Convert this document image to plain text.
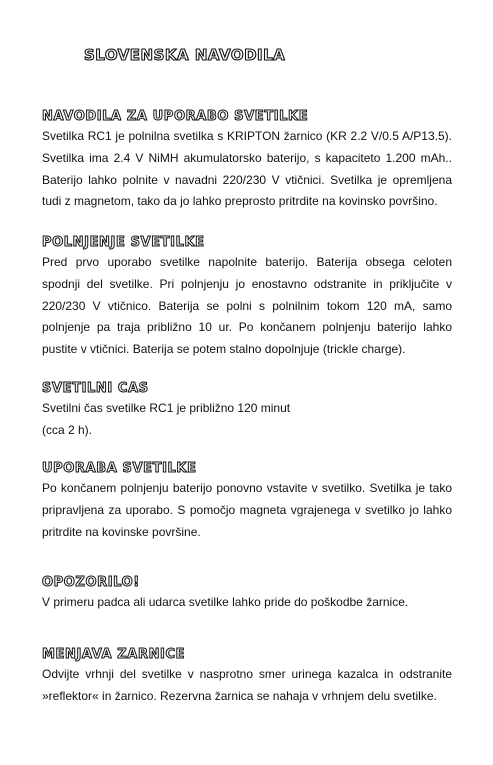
SLOVENSKA NAVODILA
NAVODILA ZA UPORABO SVETILKE

Svetilka RC1 je polnilna svetilka s KRIPTON žarnico (KR 2.2 V/0.5 A/P13.5). Svetilka ima 2.4 V NiMH akumulatorsko baterijo, s kapaciteto 1.200 mAh.. Baterijo lahko polnite v navadni 220/230 V vtičnici. Svetilka je opremljena tudi z magnetom, tako da jo lahko preprosto pritrdite na kovinsko površino.

POLNJENJE SVETILKE

Pred prvo uporabo svetilke napolnite baterijo. Baterija obsega celoten spodnji del svetilke. Pri polnjenju jo enostavno odstranite in priključite v 220/230 V vtičnico. Baterija se polni s polnilnim tokom 120 mA, samo polnjenje pa traja približno 10 ur. Po končanem polnjenju baterijo lahko pustite v vtičnici. Baterija se potem stalno dopolnjuje (trickle charge).

SVETILNI CAS
Svetilni čas svetilke RC1 je približno 120 minut
(cca 2 h).
UPORABA SVETILKE

Po končanem polnjenju baterijo ponovno vstavite v svetilko. Svetilka je tako pripravljena za uporabo. S pomočjo magneta vgrajenega v svetilko jo lahko pritrdite na kovinske površine.

OPOZORILO!

V primeru padca ali udarca svetilke lahko pride do poškodbe žarnice.

MENJAVA ZARNICE

Odvijte vrhnji del svetilke v nasprotno smer urinega kazalca in odstranite »reflektor« in žarnico. Rezervna žarnica se nahaja v vrhnjem delu svetilke.
